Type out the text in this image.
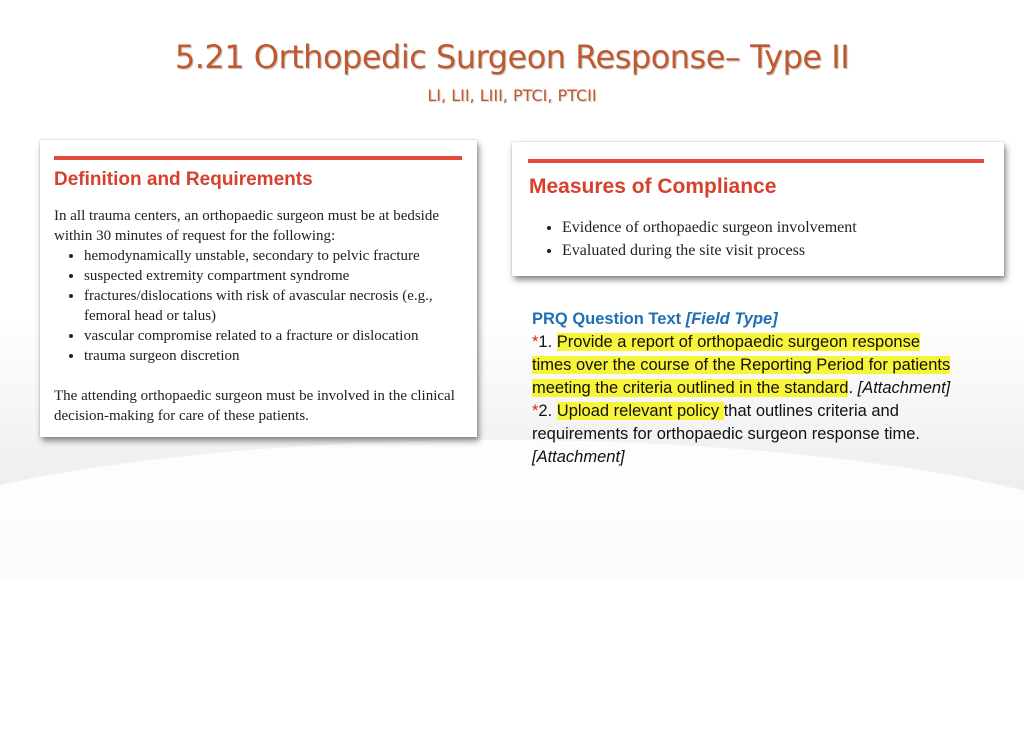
5.21 Orthopedic Surgeon Response– Type II
LI, LII, LIII, PTCI, PTCII
Definition and Requirements
In all trauma centers, an orthopaedic surgeon must be at bedside within 30 minutes of request for the following:
• hemodynamically unstable, secondary to pelvic fracture
• suspected extremity compartment syndrome
• fractures/dislocations with risk of avascular necrosis (e.g., femoral head or talus)
• vascular compromise related to a fracture or dislocation
• trauma surgeon discretion
The attending orthopaedic surgeon must be involved in the clinical decision-making for care of these patients.
Measures of Compliance
• Evidence of orthopaedic surgeon involvement
• Evaluated during the site visit process
PRQ Question Text [Field Type]
*1. Provide a report of orthopaedic surgeon response times over the course of the Reporting Period for patients meeting the criteria outlined in the standard. [Attachment]
*2. Upload relevant policy that outlines criteria and requirements for orthopaedic surgeon response time. [Attachment]
